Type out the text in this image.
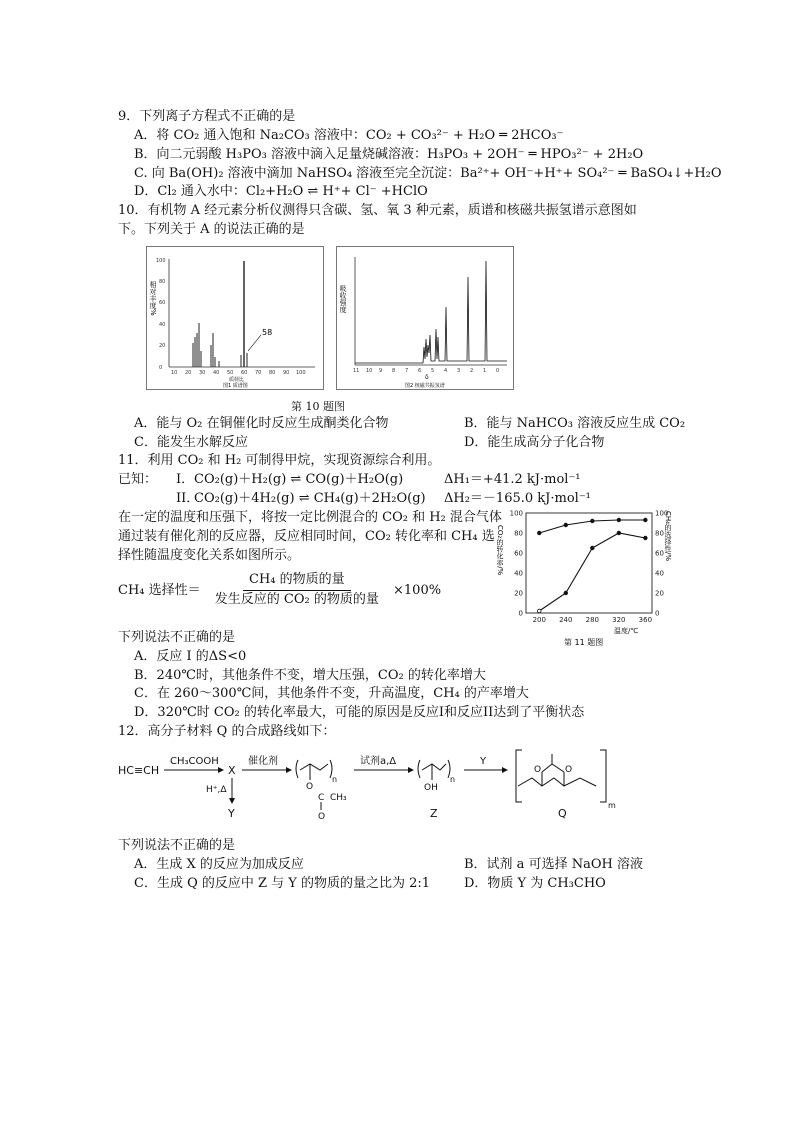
9．下列离子方程式不正确的是

A．将 CO₂ 通入饱和 Na₂CO₃ 溶液中：CO₂ + CO₃²⁻ + H₂O ═ 2HCO₃⁻

B．向二元弱酸 H₃PO₃ 溶液中滴入足量烧碱溶液：H₃PO₃ + 2OH⁻ ═ HPO₃²⁻ + 2H₂O

C. 向 Ba(OH)₂ 溶液中滴加 NaHSO₄ 溶液至完全沉淀：Ba²⁺+ OH⁻+H⁺+ SO₄²⁻ ═ BaSO₄↓+H₂O

D．Cl₂ 通入水中：Cl₂+H₂O ⇌ H⁺+ Cl⁻ +HClO

10．有机物 A 经元素分析仪测得只含碳、氢、氧 3 种元素，质谱和核磁共振氢谱示意图如

下。下列关于 A 的说法正确的是

相对丰度%
0
20
40
60
80
100
10 20 30 40 50 60 70 80 90 100
58
质荷比
图1 质谱图
吸收强度
11 10 9 8 7 6 5 4 3 2 1 0
δ
图2 核磁共振氢谱

第 10 题图

A．能与 O₂ 在铜催化时反应生成酮类化合物	B．能与 NaHCO₃ 溶液反应生成 CO₂
C．能发生水解反应	D．能生成高分子化合物

11．利用 CO₂ 和 H₂ 可制得甲烷，实现资源综合利用。

已知：	I． CO₂(g)＋H₂(g) ⇌ CO(g)＋H₂O(g)	ΔH₁＝+41.2 kJ·mol⁻¹
II．
CO₂(g)＋4H₂(g) ⇌ CH₄(g)＋2H₂O(g)	ΔH₂＝－165.0 kJ·mol⁻¹

在一定的温度和压强下，将按一定比例混合的 CO₂ 和 H₂ 混合气体

通过装有催化剂的反应器，反应相同时间，CO₂ 转化率和 CH₄ 选

择性随温度变化关系如图所示。

CH₄ 选择性＝ $\frac{\text{CH₄ 的物质的量}}{\text{发生反应的 CO₂ 的物质的量}} \times 100\%$

CO₂的转化率/%	CH₄的选择性/%
0
20
40
60
80
100
0
20
40
60
80
100
200 240 280 320 360
温度/℃
第 11 题图

下列说法不正确的是

A．反应 I 的ΔS<0

B．240℃时，其他条件不变，增大压强，CO₂ 的转化率增大

C．在 260～300℃间，其他条件不变，升高温度，CH₄ 的产率增大

D．320℃时 CO₂ 的转化率最大，可能的原因是反应I和反应II达到了平衡状态

12．高分子材料 Q 的合成路线如下：

HC≡CH
CH₃COOH
X
H⁺,Δ
Y
催化剂
n
O
C CH₃
O
试剂a,Δ
n
OH
Z
Y
O	O
m
Q

下列说法不正确的是

A．生成 X 的反应为加成反应	B．试剂 a 可选择 NaOH 溶液
C．生成 Q 的反应中 Z 与 Y 的物质的量之比为 2:1	D．物质 Y 为 CH₃CHO
